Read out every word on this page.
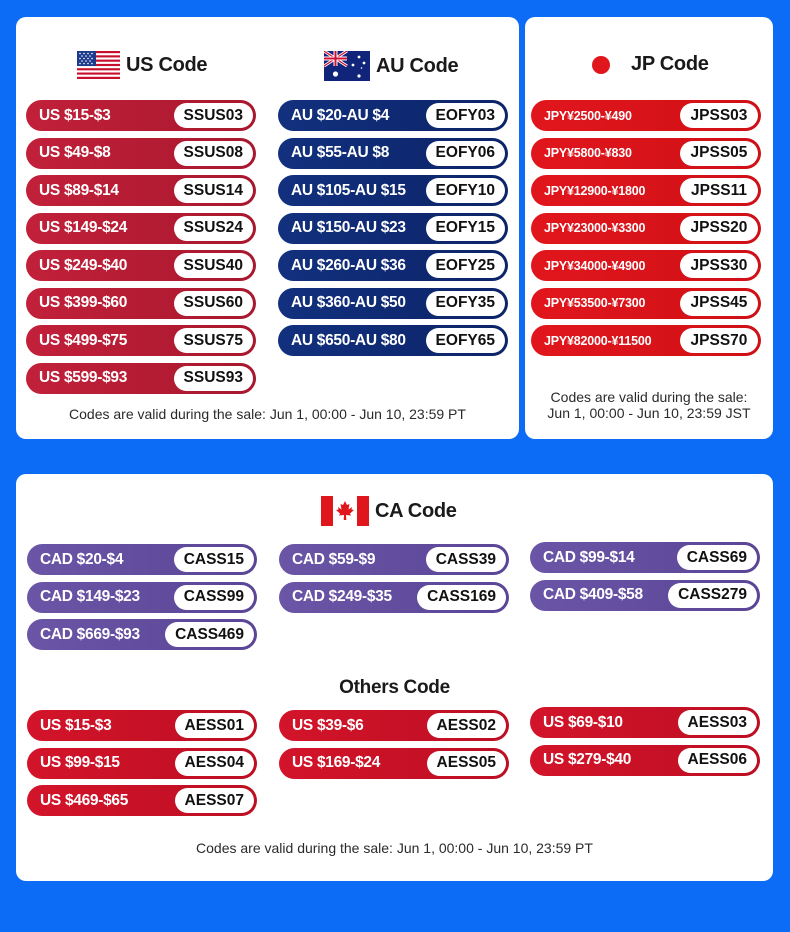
US Code	AU Code
US $15-$3	SSUS03
US $49-$8	SSUS08
US $89-$14	SSUS14
US $149-$24	SSUS24
US $249-$40	SSUS40
US $399-$60	SSUS60
US $499-$75	SSUS75
US $599-$93	SSUS93
AU $20-AU $4	EOFY03
AU $55-AU $8	EOFY06
AU $105-AU $15	EOFY10
AU $150-AU $23	EOFY15
AU $260-AU $36	EOFY25
AU $360-AU $50	EOFY35
AU $650-AU $80	EOFY65
Codes are valid during the sale: Jun 1, 00:00 - Jun 10, 23:59 PT
JP Code
JPY¥2500-¥490	JPSS03
JPY¥5800-¥830	JPSS05
JPY¥12900-¥1800	JPSS11
JPY¥23000-¥3300	JPSS20
JPY¥34000-¥4900	JPSS30
JPY¥53500-¥7300	JPSS45
JPY¥82000-¥11500	JPSS70
Codes are valid during the sale:
Jun 1, 00:00 - Jun 10, 23:59 JST
CA Code
CAD $20-$4	CASS15
CAD $149-$23	CASS99
CAD $669-$93	CASS469
CAD $59-$9	CASS39
CAD $249-$35	CASS169
CAD $99-$14	CASS69
CAD $409-$58	CASS279
Others Code
US $15-$3	AESS01
US $99-$15	AESS04
US $469-$65	AESS07
US $39-$6	AESS02
US $169-$24	AESS05
US $69-$10	AESS03
US $279-$40	AESS06
Codes are valid during the sale: Jun 1, 00:00 - Jun 10, 23:59 PT
